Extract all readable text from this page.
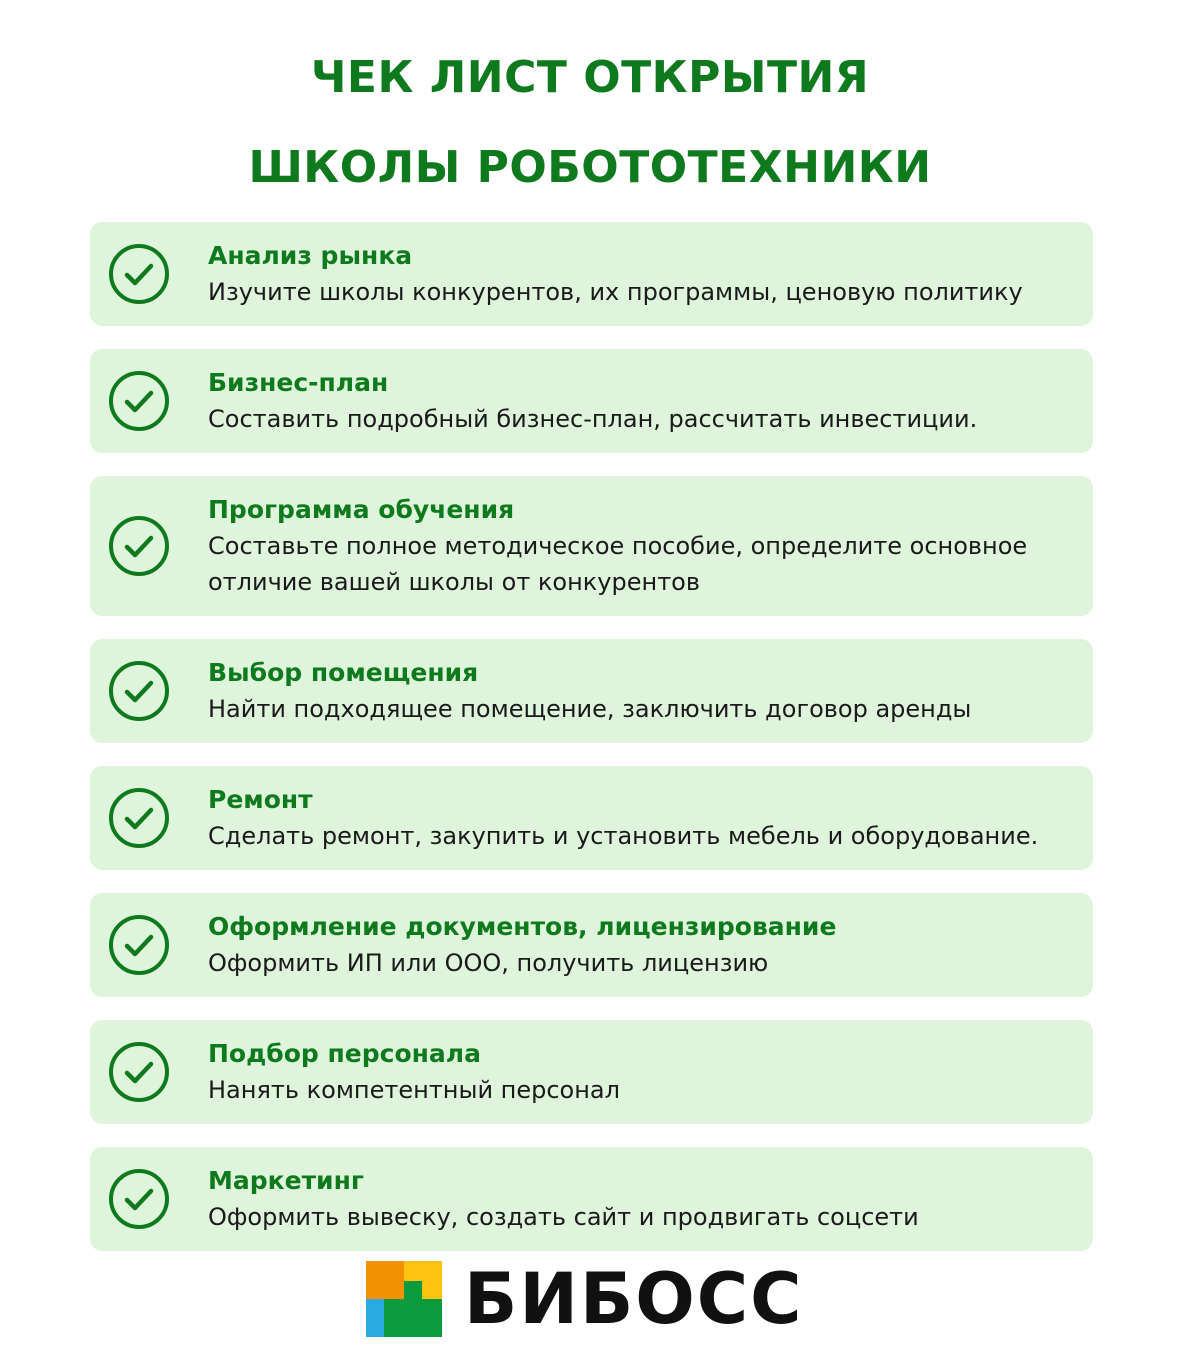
ЧЕК ЛИСТ ОТКРЫТИЯ
ШКОЛЫ РОБОТОТЕХНИКИ
Анализ рынка
Изучите школы конкурентов, их программы, ценовую политику
Бизнес-план
Составить подробный бизнес-план, рассчитать инвестиции.
Программа обучения
Составьте полное методическое пособие, определите основное отличие вашей школы от конкурентов
Выбор помещения
Найти подходящее помещение, заключить договор аренды
Ремонт
Сделать ремонт, закупить и установить мебель и оборудование.
Оформление документов, лицензирование
Оформить ИП или ООО, получить лицензию
Подбор персонала
Нанять компетентный персонал
Маркетинг
Оформить вывеску, создать сайт и продвигать соцсети
БИБОСС
